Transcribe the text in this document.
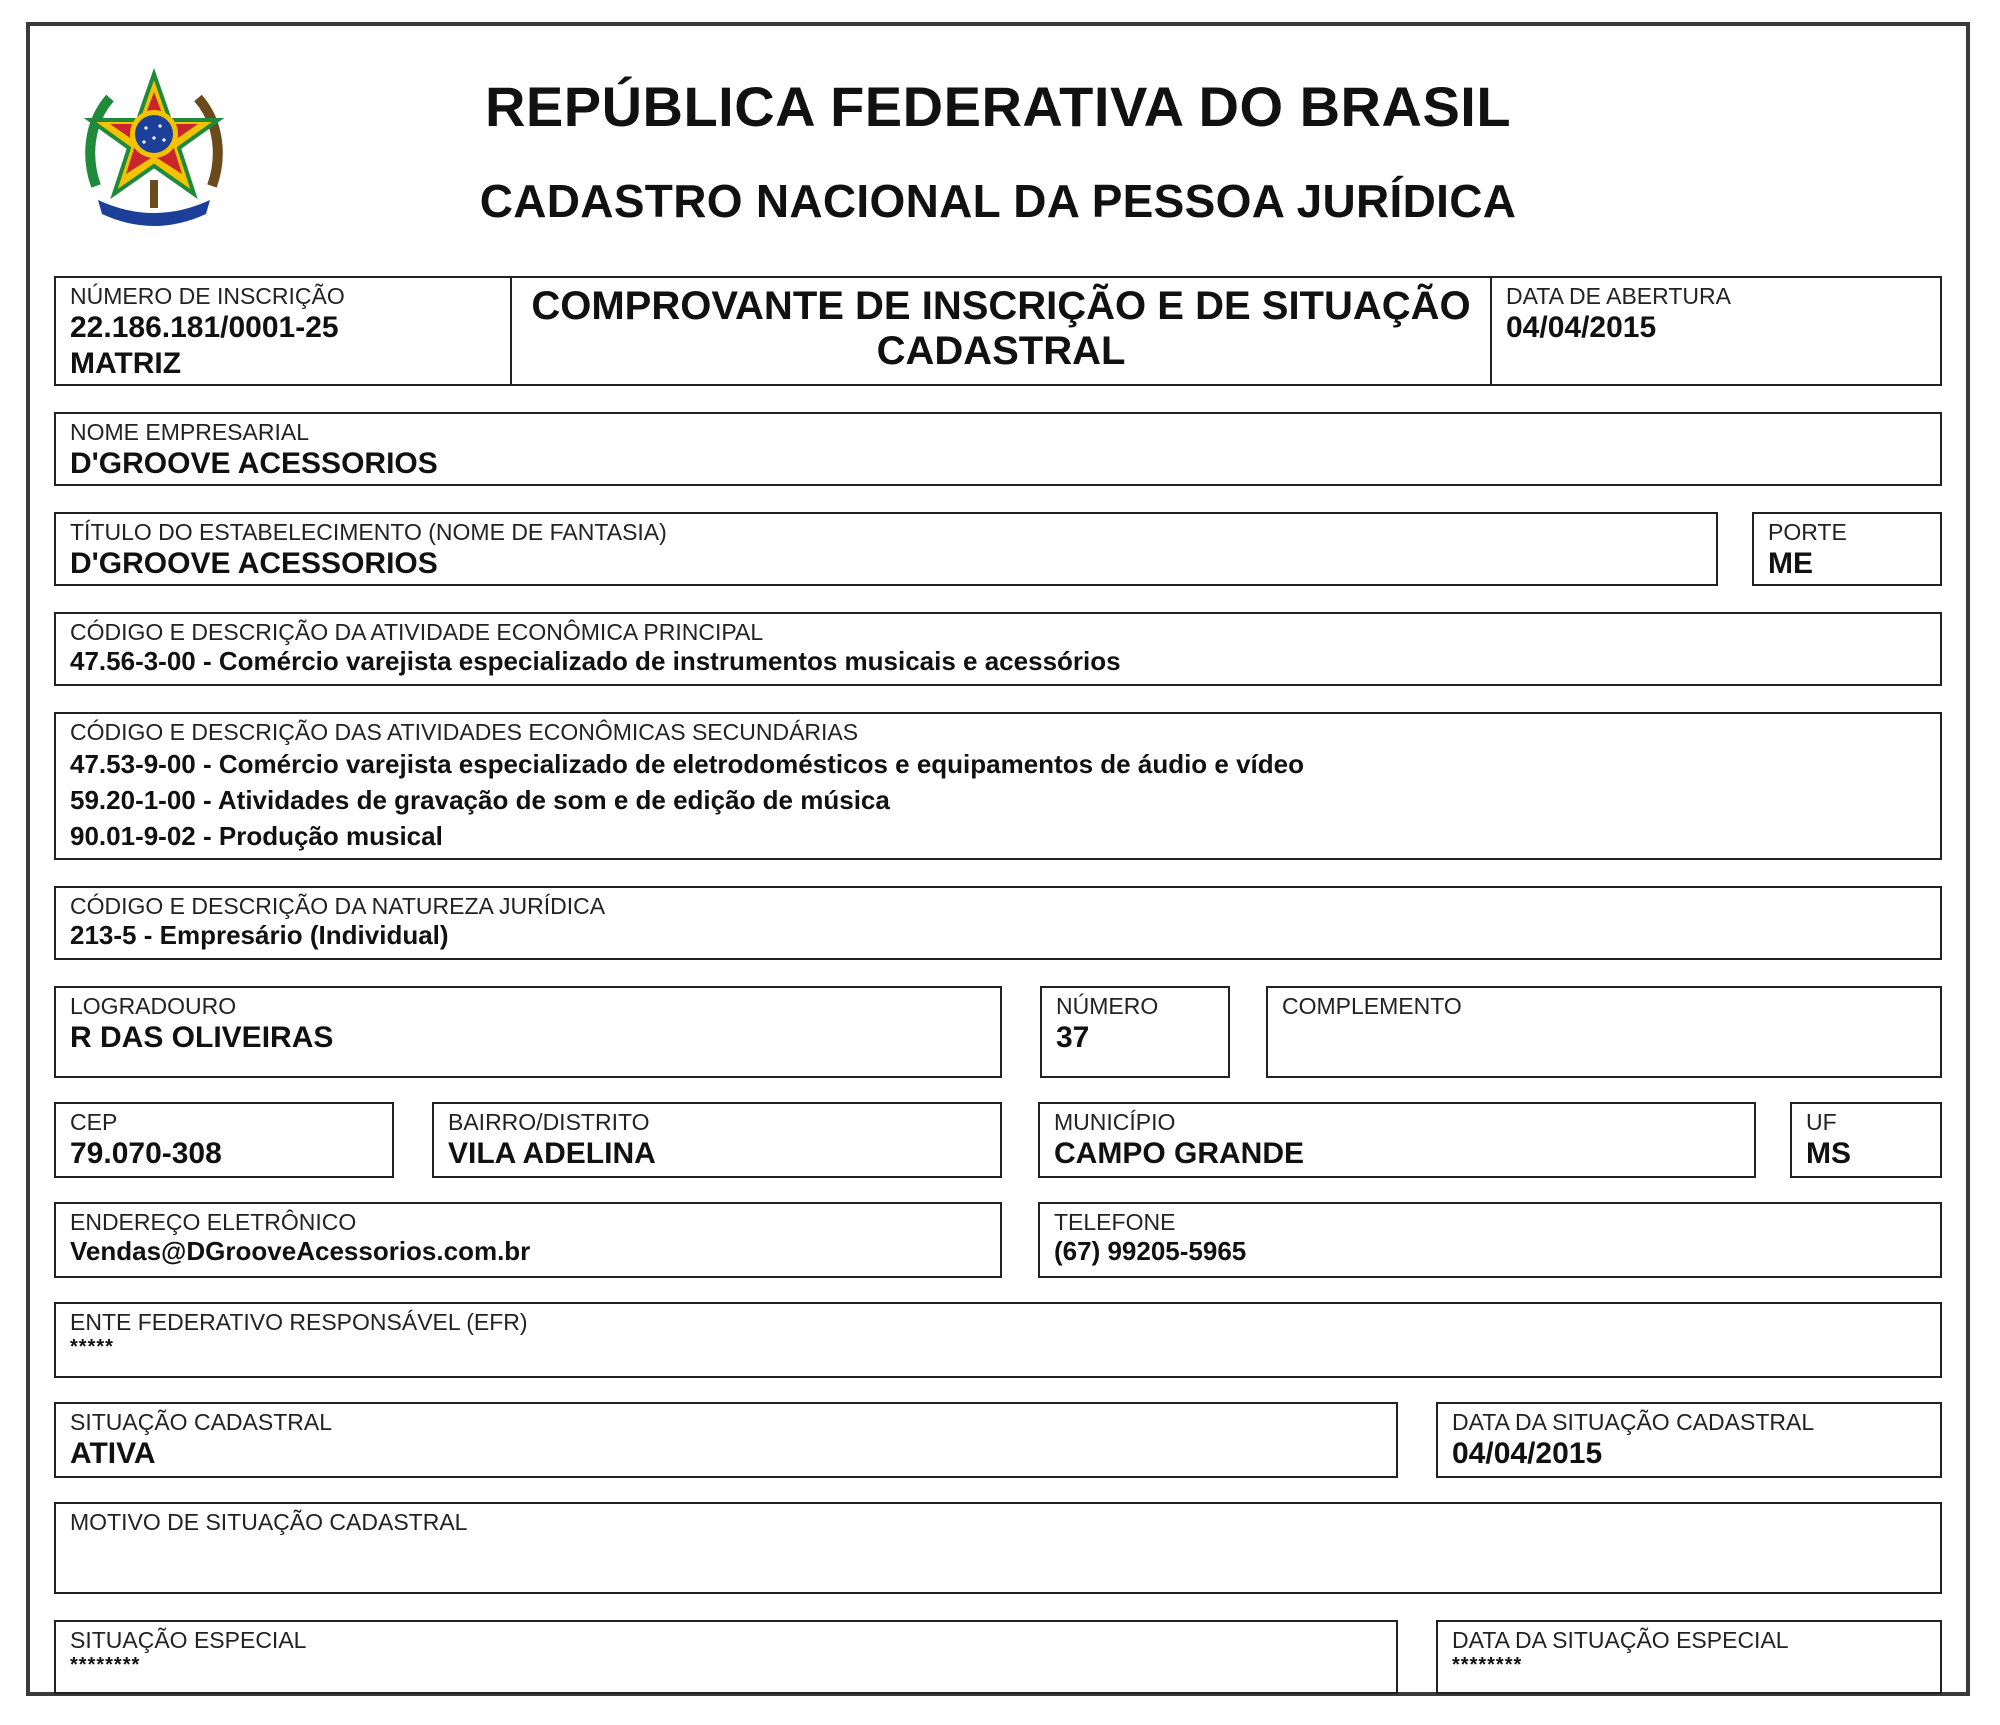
REPÚBLICA FEDERATIVA DO BRASIL
CADASTRO NACIONAL DA PESSOA JURÍDICA
NÚMERO DE INSCRIÇÃO
22.186.181/0001-25
MATRIZ
COMPROVANTE DE INSCRIÇÃO E DE SITUAÇÃO
CADASTRAL
DATA DE ABERTURA
04/04/2015
NOME EMPRESARIAL
D'GROOVE ACESSORIOS
TÍTULO DO ESTABELECIMENTO (NOME DE FANTASIA)
D'GROOVE ACESSORIOS
PORTE
ME
CÓDIGO E DESCRIÇÃO DA ATIVIDADE ECONÔMICA PRINCIPAL
47.56-3-00 - Comércio varejista especializado de instrumentos musicais e acessórios
CÓDIGO E DESCRIÇÃO DAS ATIVIDADES ECONÔMICAS SECUNDÁRIAS
47.53-9-00 - Comércio varejista especializado de eletrodomésticos e equipamentos de áudio e vídeo
59.20-1-00 - Atividades de gravação de som e de edição de música
90.01-9-02 - Produção musical
CÓDIGO E DESCRIÇÃO DA NATUREZA JURÍDICA
213-5 - Empresário (Individual)
LOGRADOURO
R DAS OLIVEIRAS
NÚMERO
37
COMPLEMENTO
CEP
79.070-308
BAIRRO/DISTRITO
VILA ADELINA
MUNICÍPIO
CAMPO GRANDE
UF
MS
ENDEREÇO ELETRÔNICO
Vendas@DGrooveAcessorios.com.br
TELEFONE
(67) 99205-5965
ENTE FEDERATIVO RESPONSÁVEL (EFR)
*****
SITUAÇÃO CADASTRAL
ATIVA
DATA DA SITUAÇÃO CADASTRAL
04/04/2015
MOTIVO DE SITUAÇÃO CADASTRAL
SITUAÇÃO ESPECIAL
********
DATA DA SITUAÇÃO ESPECIAL
********
